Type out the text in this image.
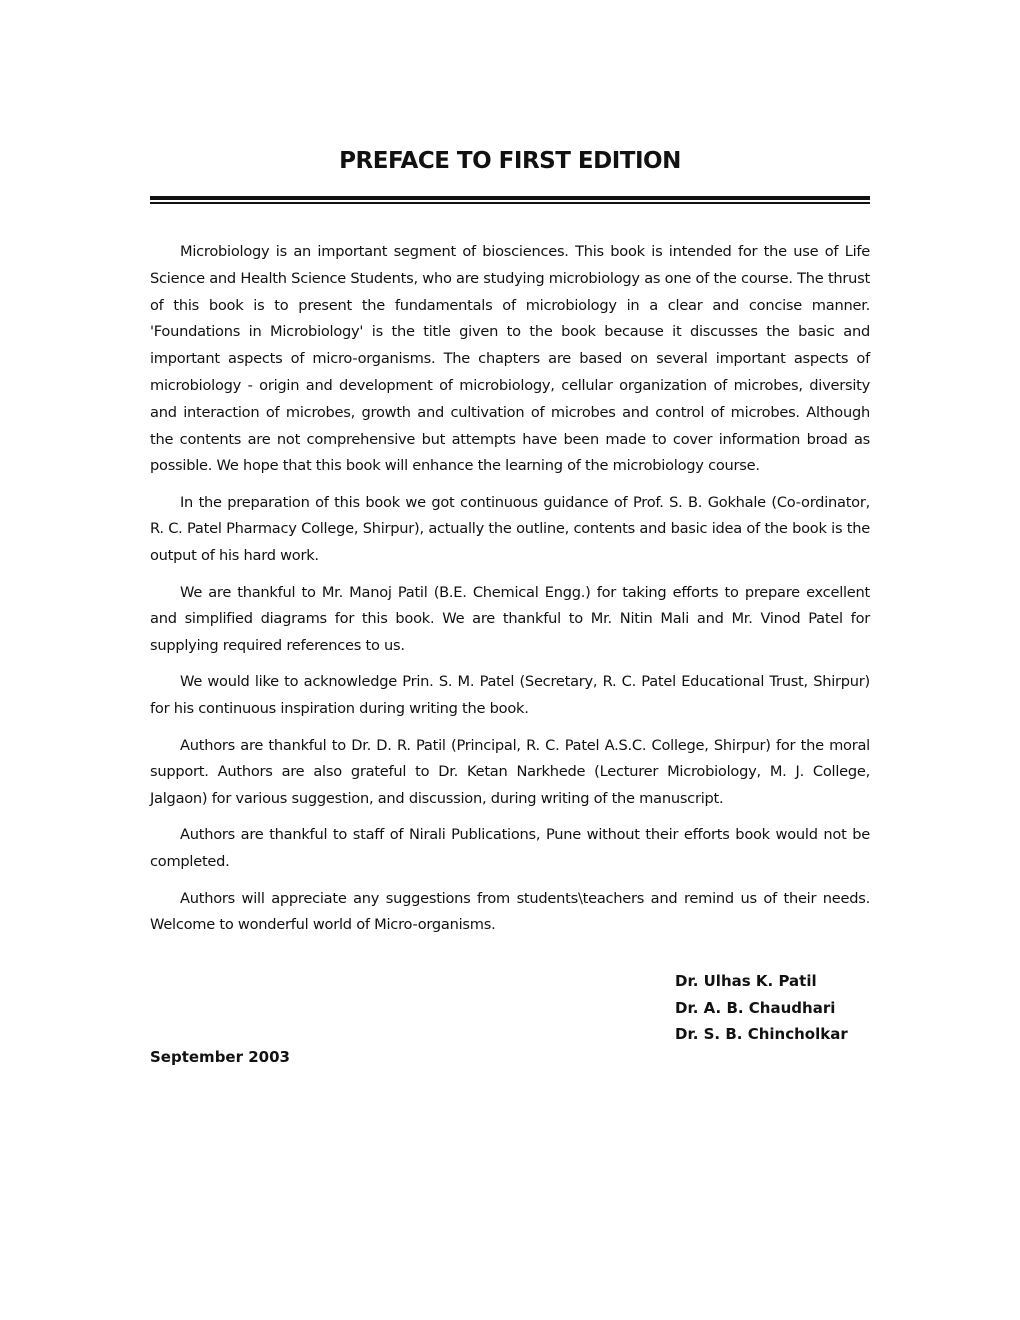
PREFACE TO FIRST EDITION

Microbiology is an important segment of biosciences. This book is intended for the use of Life Science and Health Science Students, who are studying microbiology as one of the course. The thrust of this book is to present the fundamentals of microbiology in a clear and concise manner. 'Foundations in Microbiology' is the title given to the book because it discusses the basic and important aspects of micro-organisms. The chapters are based on several important aspects of microbiology - origin and development of microbiology, cellular organization of microbes, diversity and interaction of microbes, growth and cultivation of microbes and control of microbes. Although the contents are not comprehensive but attempts have been made to cover information broad as possible. We hope that this book will enhance the learning of the microbiology course.

In the preparation of this book we got continuous guidance of Prof. S. B. Gokhale (Co-ordinator, R. C. Patel Pharmacy College, Shirpur), actually the outline, contents and basic idea of the book is the output of his hard work.

We are thankful to Mr. Manoj Patil (B.E. Chemical Engg.) for taking efforts to prepare excellent and simplified diagrams for this book. We are thankful to Mr. Nitin Mali and Mr. Vinod Patel for supplying required references to us.

We would like to acknowledge Prin. S. M. Patel (Secretary, R. C. Patel Educational Trust, Shirpur) for his continuous inspiration during writing the book.

Authors are thankful to Dr. D. R. Patil (Principal, R. C. Patel A.S.C. College, Shirpur) for the moral support. Authors are also grateful to Dr. Ketan Narkhede (Lecturer Microbiology, M. J. College, Jalgaon) for various suggestion, and discussion, during writing of the manuscript.

Authors are thankful to staff of Nirali Publications, Pune without their efforts book would not be completed.

Authors will appreciate any suggestions from students\teachers and remind us of their needs. Welcome to wonderful world of Micro-organisms.

Dr. Ulhas K. Patil
Dr. A. B. Chaudhari
Dr. S. B. Chincholkar
September 2003
